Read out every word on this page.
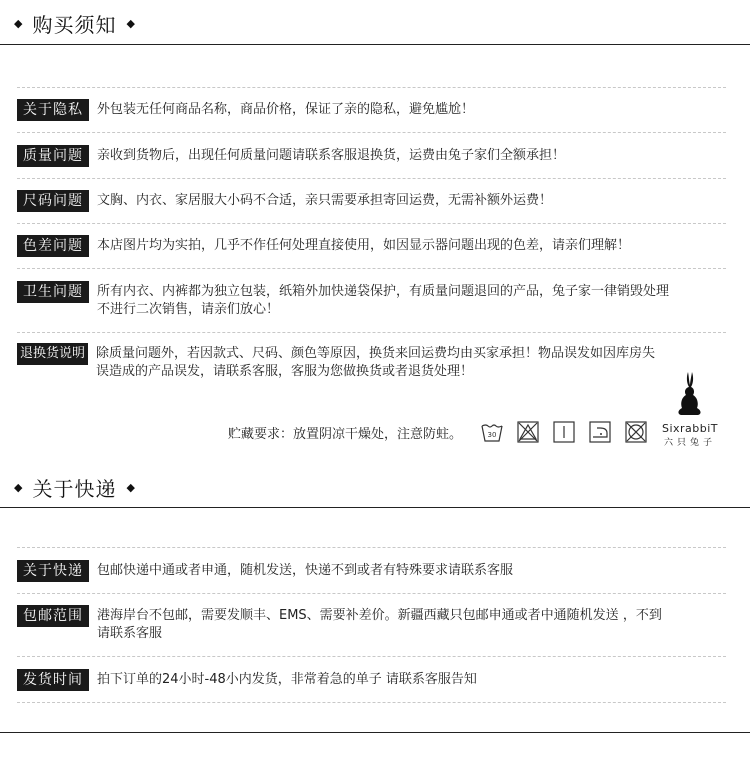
◆ 购买须知 ◆
关于隐私	外包装无任何商品名称，商品价格，保证了亲的隐私，避免尴尬！
质量问题	亲收到货物后，出现任何质量问题请联系客服退换货，运费由兔子家们全额承担！
尺码问题	文胸、内衣、家居服大小码不合适，亲只需要承担寄回运费，无需补额外运费！
色差问题	本店图片均为实拍，几乎不作任何处理直接使用，如因显示器问题出现的色差，请亲们理解！
卫生问题	所有内衣、内裤都为独立包装，纸箱外加快递袋保护，有质量问题退回的产品，兔子家一律销毁处理
不进行二次销售，请亲们放心！
退换货说明 除质量问题外，若因款式、尺码、颜色等原因，换货来回运费均由买家承担！物品误发如因库房失
误造成的产品误发，请联系客服，客服为您做换货或者退货处理！
SixrabbiT
六只兔子
贮藏要求：放置阴凉干燥处，注意防蛀。	30
◆ 关于快递 ◆
关于快递	包邮快递中通或者申通，随机发送，快递不到或者有特殊要求请联系客服
包邮范围	港海岸台不包邮，需要发顺丰、EMS、需要补差价。新疆西藏只包邮申通或者中通随机发送 ，不到
请联系客服
发货时间	拍下订单的24小时-48小内发货，非常着急的单子 请联系客服告知
